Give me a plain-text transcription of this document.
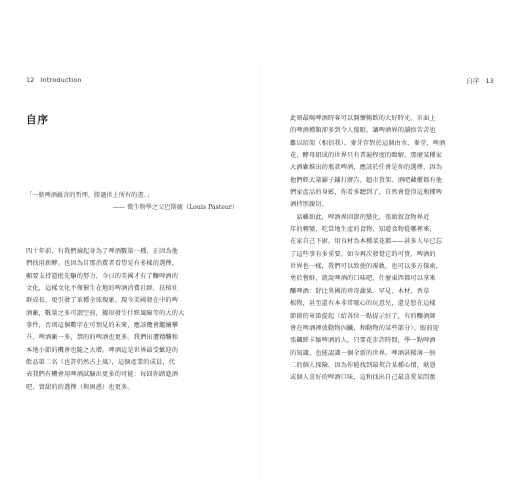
12 Introduction
自序
「一瓶啤酒蘊含的哲理，勝過世上所有的書。」
—— 微生物學之父巴斯德（Louis Pasteur）
四十年前，有我們撿起身為了啤酒數量一種，正因為他
們找用新酵。也因為自那消費者看望是有多樣的選擇，
顯要支持還批先驅的努力，今日的美國才有了釀啤酒的
文化，這樣文化不僅催生在地的啤酒消費社群，扶植社
群成長，更引發了革種全球現象。現今美國發在中的啤
酒廠，數量之多可謂空前，據形發生什經風險等的大的大
事件，否則這個數字在可預見的未來，應該攬會繼續攀
升。啤酒廠一多，禁的的啤酒也更多。我們出遭精釀和
本地小節的機會也隨之大增。啤酒這是世界最受歡迎的
飲品第二名（也許仍然占上風），這個產業的成員，代
表我們有機會用啤酒試驗出更多的可能：每回你踏進酒
吧、賣甜的的選擇（與困惑）也更多。
自序 13
此刻最喝啤酒時客可以開懷暢飲的大好時光。市面上
的啤酒種類卻多到令人傻眼，讓啤酒界的讀捨苦苦也
難以招架（相信我）。麥芽存對於這個由水、麥芽、啤酒
花、酵母組成的世界只有普遍程度的瞭解，那麼某種家
大酒廠推出的瓶款啤酒，應該於任會是你的選擇，因為
他們經大量鋪子鋪打廣告，超市貨架、酒吧藏櫃都有他
們家產品的身影，你看多聽到了，自然會覺得這瓶種啤
酒持別親切。
　話雖如此，啤酒界回節的變化、張頭叙食物界近
年的轉變，吃當地生產的食物、知道食物從哪裡來，
在家自己下廚，用良材為本種菜花都——甚多人早已忘
了這些事有多重要。如今再次發覺它的可貴，啤酒的
世界也一樣，我們可以致使的視軌，也可以多方探索，
勇於嘗鮮，就說啤酒的口味吧，什麼東西都可以拿來
釀啤酒：舒比異國的珍奇蔬果、罕見、木材、香草
植物，甚至還有本非常噁心的玩意兒，還是悠在這樣
節節的章節提起（給各位一點提示好了，有的釀酒師
會在啤酒裡放動物內臟，和動物的某些部分）。眼前迎
張飆經卡縮啤酒的人，只要花步許時間，學一點啤酒
的知識，也能認識一個全新的世界。啤酒甚稀薄一無
二的個人探險，因為你能找到最契合某種心情，耿憑
或個人喜好的啤酒口味，這和找出自己最喜愛某問奮
